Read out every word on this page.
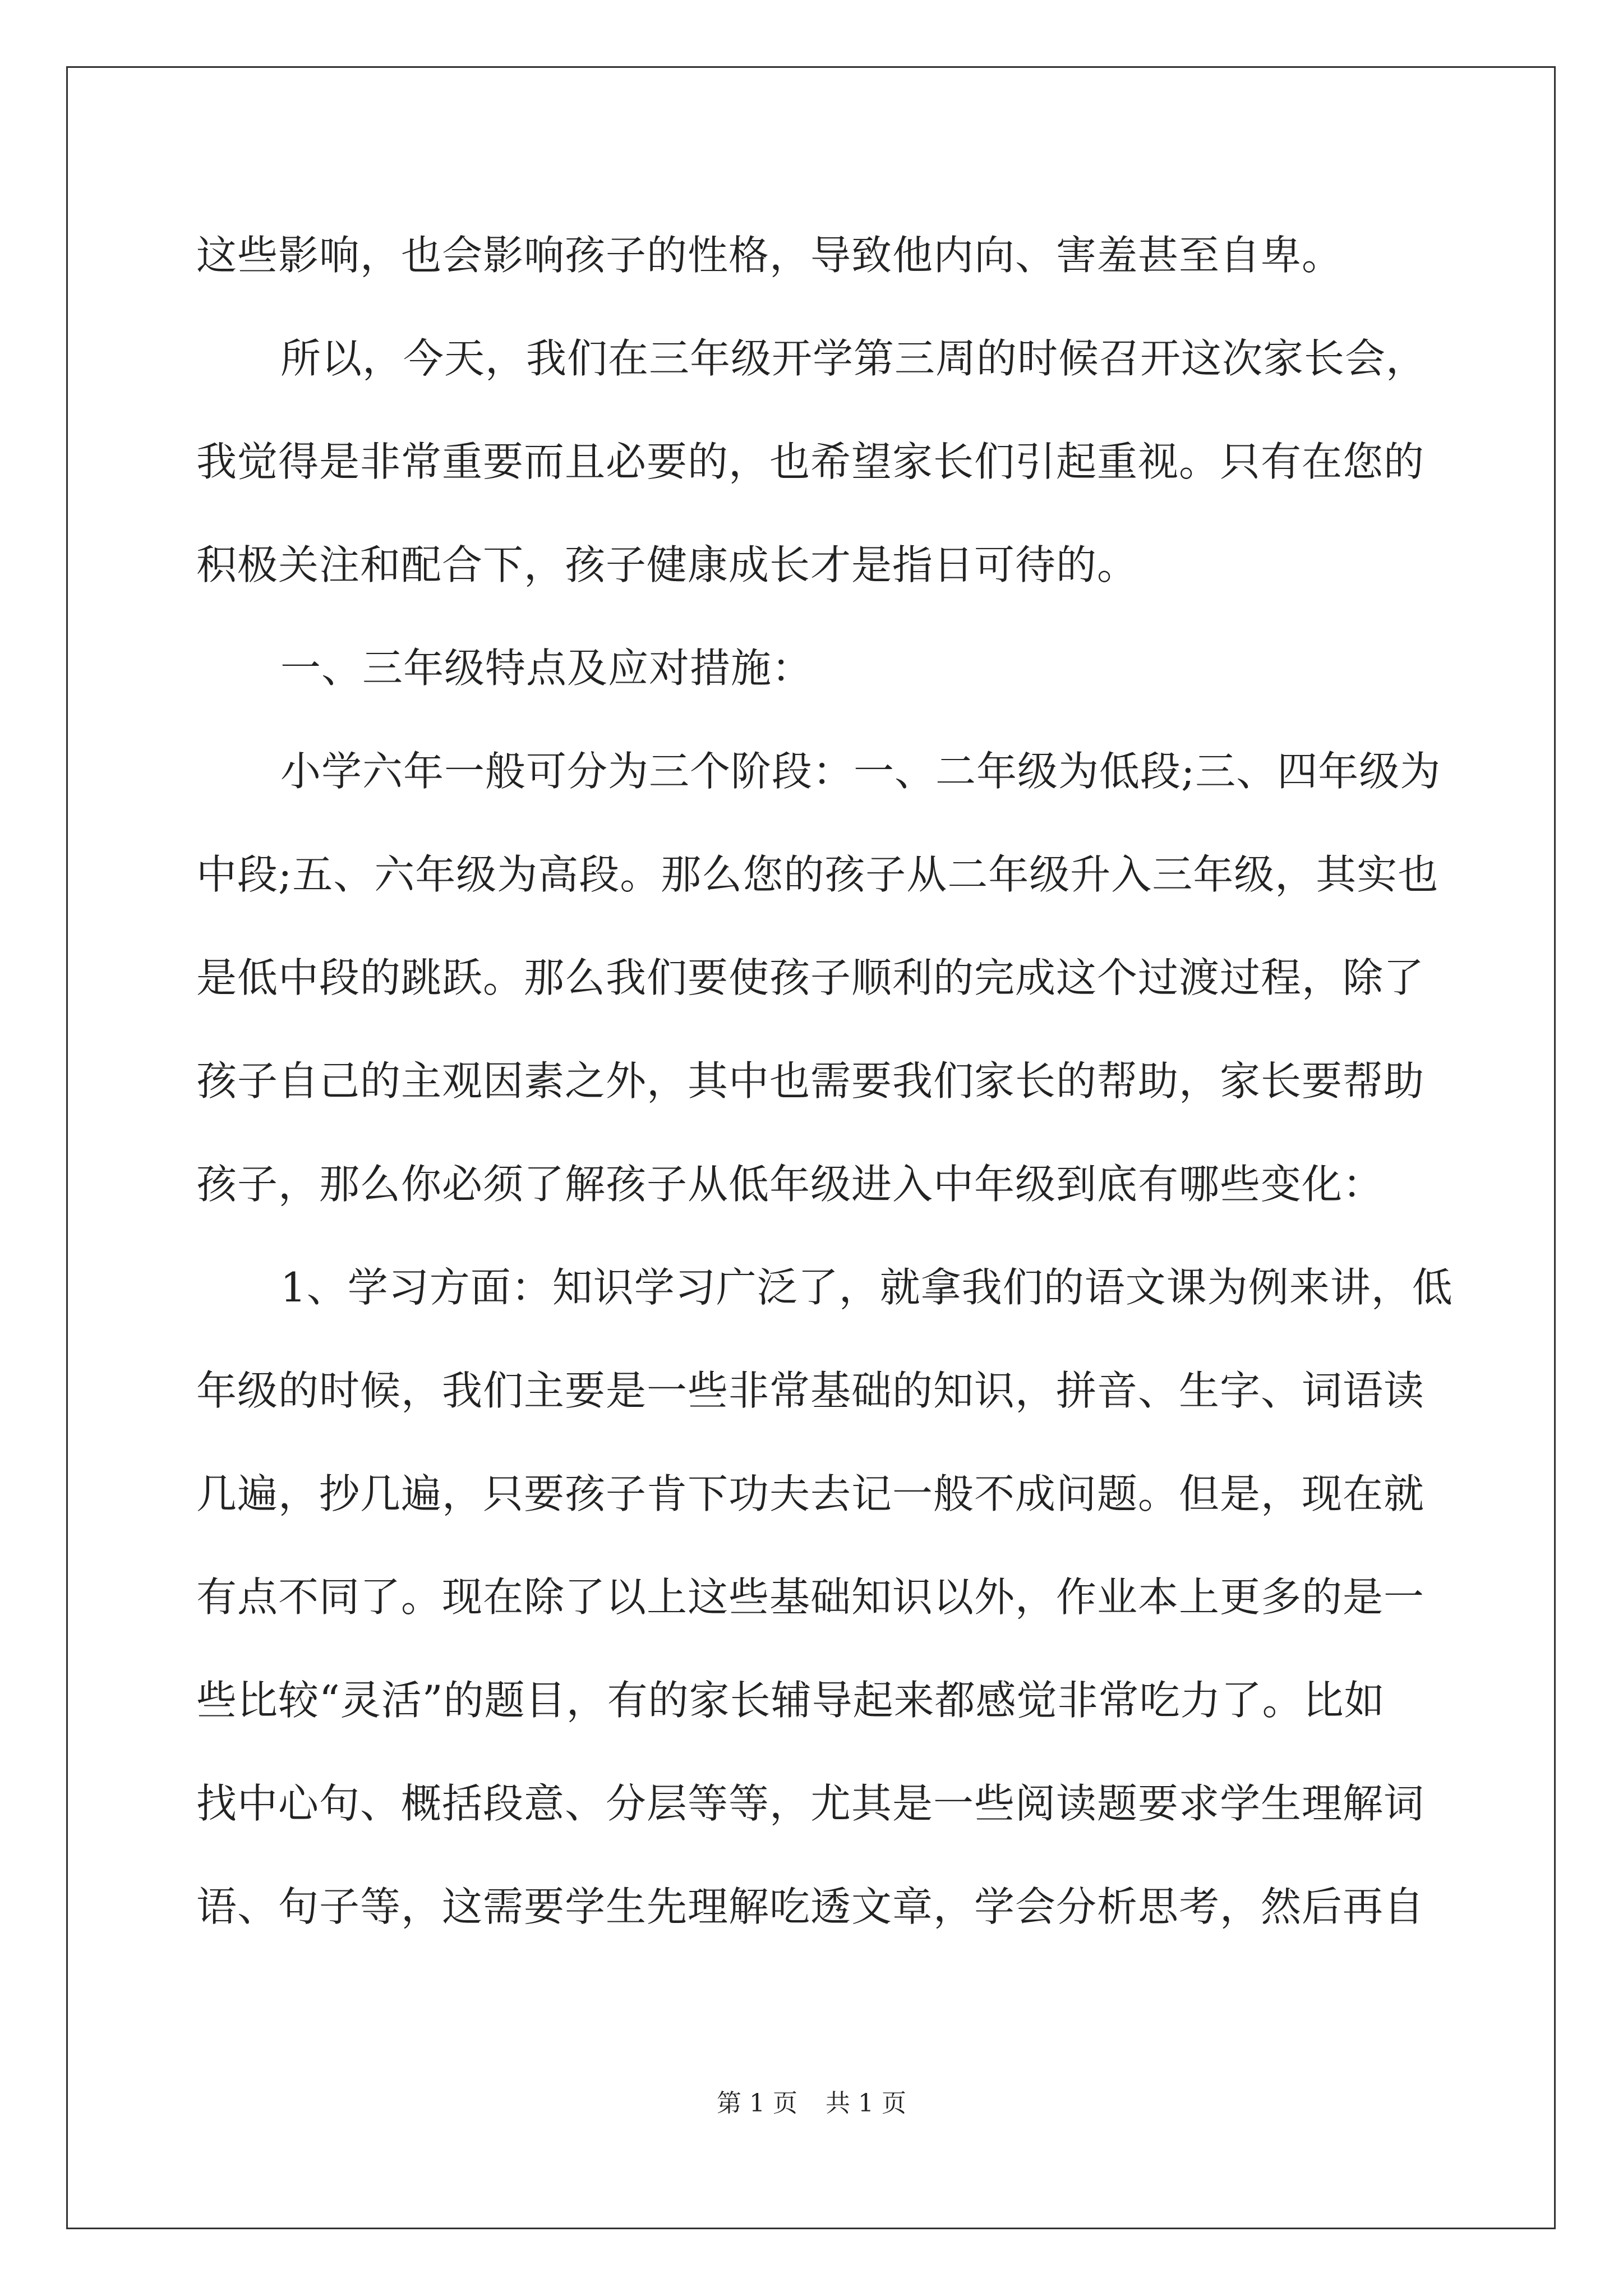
这些影响，也会影响孩子的性格，导致他内向、害羞甚至自卑。
所以，今天，我们在三年级开学第三周的时候召开这次家长会，
我觉得是非常重要而且必要的，也希望家长们引起重视。只有在您的
积极关注和配合下，孩子健康成长才是指日可待的。
一、三年级特点及应对措施：
小学六年一般可分为三个阶段：一、二年级为低段;三、四年级为
中段;五、六年级为高段。那么您的孩子从二年级升入三年级，其实也
是低中段的跳跃。那么我们要使孩子顺利的完成这个过渡过程，除了
孩子自己的主观因素之外，其中也需要我们家长的帮助，家长要帮助
孩子，那么你必须了解孩子从低年级进入中年级到底有哪些变化：
1、学习方面：知识学习广泛了，就拿我们的语文课为例来讲，低
年级的时候，我们主要是一些非常基础的知识，拼音、生字、词语读
几遍，抄几遍，只要孩子肯下功夫去记一般不成问题。但是，现在就
有点不同了。现在除了以上这些基础知识以外，作业本上更多的是一
些比较“灵活”的题目，有的家长辅导起来都感觉非常吃力了。比如
找中心句、概括段意、分层等等，尤其是一些阅读题要求学生理解词
语、句子等，这需要学生先理解吃透文章，学会分析思考，然后再自
第 1 页 共 1 页
